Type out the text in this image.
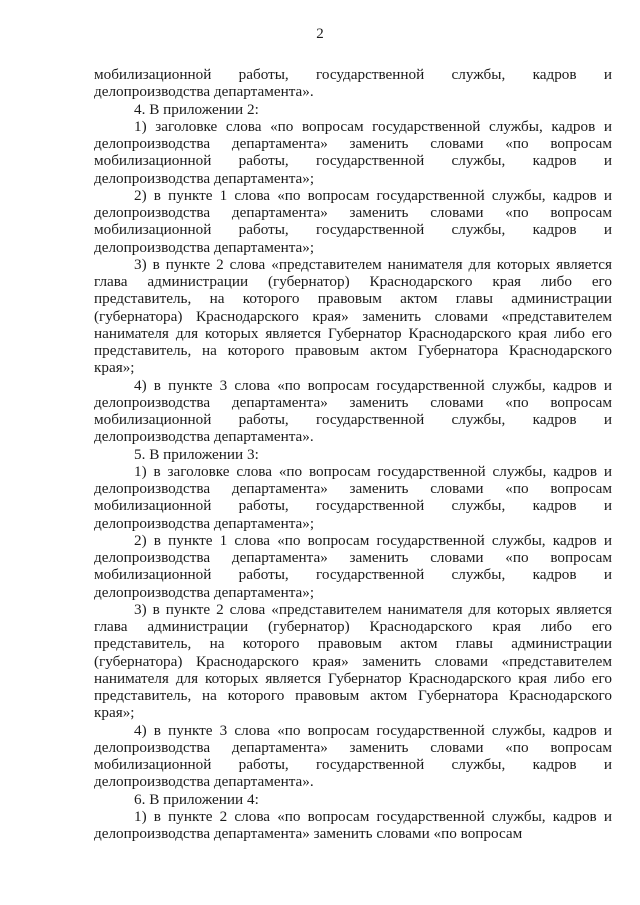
2

мобилизационной работы, государственной службы, кадров и делопроизводства департамента».

4. В приложении 2:

1) заголовке слова «по вопросам государственной службы, кадров и делопроизводства департамента» заменить словами «по вопросам мобилизационной работы, государственной службы, кадров и делопроизводства департамента»;

2) в пункте 1 слова «по вопросам государственной службы, кадров и делопроизводства департамента» заменить словами «по вопросам мобилизационной работы, государственной службы, кадров и делопроизводства департамента»;

3) в пункте 2 слова «представителем нанимателя для которых является глава администрации (губернатор) Краснодарского края либо его представитель, на которого правовым актом главы администрации (губернатора) Краснодарского края» заменить словами «представителем нанимателя для которых является Губернатор Краснодарского края либо его представитель, на которого правовым актом Губернатора Краснодарского края»;

4) в пункте 3 слова «по вопросам государственной службы, кадров и делопроизводства департамента» заменить словами «по вопросам мобилизационной работы, государственной службы, кадров и делопроизводства департамента».

5. В приложении 3:

1) в заголовке слова «по вопросам государственной службы, кадров и делопроизводства департамента» заменить словами «по вопросам мобилизационной работы, государственной службы, кадров и делопроизводства департамента»;

2) в пункте 1 слова «по вопросам государственной службы, кадров и делопроизводства департамента» заменить словами «по вопросам мобилизационной работы, государственной службы, кадров и делопроизводства департамента»;

3) в пункте 2 слова «представителем нанимателя для которых является глава администрации (губернатор) Краснодарского края либо его представитель, на которого правовым актом главы администрации (губернатора) Краснодарского края» заменить словами «представителем нанимателя для которых является Губернатор Краснодарского края либо его представитель, на которого правовым актом Губернатора Краснодарского края»;

4) в пункте 3 слова «по вопросам государственной службы, кадров и делопроизводства департамента» заменить словами «по вопросам мобилизационной работы, государственной службы, кадров и делопроизводства департамента».

6. В приложении 4:

1) в пункте 2 слова «по вопросам государственной службы, кадров и делопроизводства департамента» заменить словами «по вопросам
